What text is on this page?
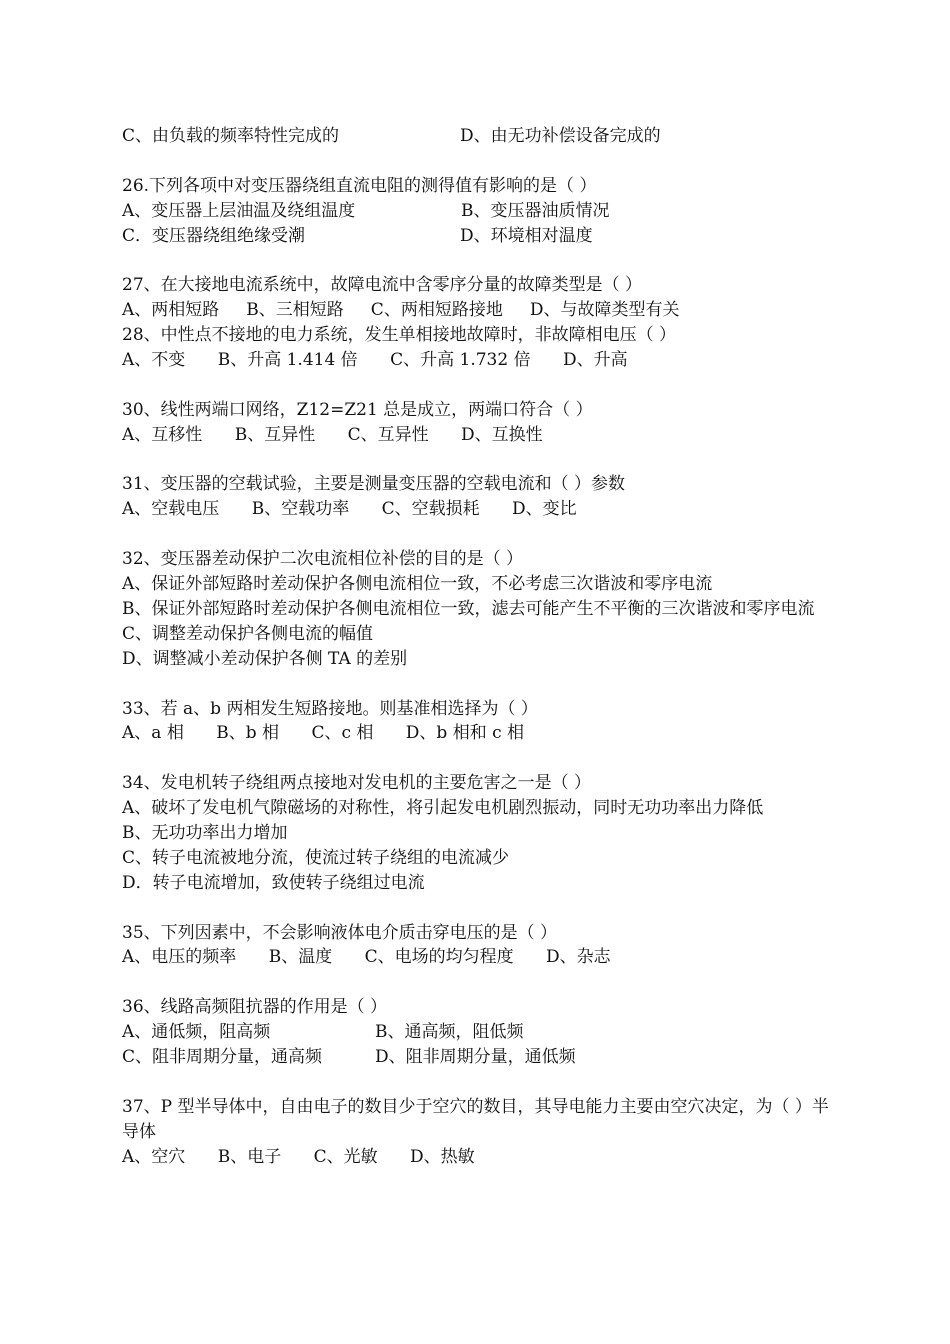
C、由负载的频率特性完成的	D、由无功补偿设备完成的
26.下列各项中对变压器绕组直流电阻的测得值有影响的是（ ）
A、变压器上层油温及绕组温度	B、变压器油质情况
C．变压器绕组绝缘受潮	D、环境相对温度
27、在大接地电流系统中，故障电流中含零序分量的故障类型是（ ）
A、两相短路     B、三相短路     C、两相短路接地     D、与故障类型有关
28、中性点不接地的电力系统，发生单相接地故障时，非故障相电压（ ）
A、不变      B、升高 1.414 倍      C、升高 1.732 倍      D、升高
30、线性两端口网络，Z12=Z21 总是成立，两端口符合（ ）
A、互移性      B、互异性      C、互异性      D、互换性
31、变压器的空载试验，主要是测量变压器的空载电流和（ ）参数
A、空载电压      B、空载功率      C、空载损耗      D、变比
32、变压器差动保护二次电流相位补偿的目的是（ ）
A、保证外部短路时差动保护各侧电流相位一致，不必考虑三次谐波和零序电流
B、保证外部短路时差动保护各侧电流相位一致，滤去可能产生不平衡的三次谐波和零序电流
C、调整差动保护各侧电流的幅值
D、调整减小差动保护各侧 TA 的差别
33、若 a、b 两相发生短路接地。则基准相选择为（ ）
A、a 相      B、b 相      C、c 相      D、b 相和 c 相
34、发电机转子绕组两点接地对发电机的主要危害之一是（ ）
A、破坏了发电机气隙磁场的对称性，将引起发电机剧烈振动，同时无功功率出力降低
B、无功功率出力增加
C、转子电流被地分流，使流过转子绕组的电流减少
D．转子电流增加，致使转子绕组过电流
35、下列因素中，不会影响液体电介质击穿电压的是（ ）
A、电压的频率      B、温度      C、电场的均匀程度      D、杂志
36、线路高频阻抗器的作用是（ ）
A、通低频，阻高频	B、通高频，阻低频
C、阻非周期分量，通高频	D、阻非周期分量，通低频
37、P 型半导体中，自由电子的数目少于空穴的数目，其导电能力主要由空穴决定，为（ ）半导体
A、空穴      B、电子      C、光敏      D、热敏
